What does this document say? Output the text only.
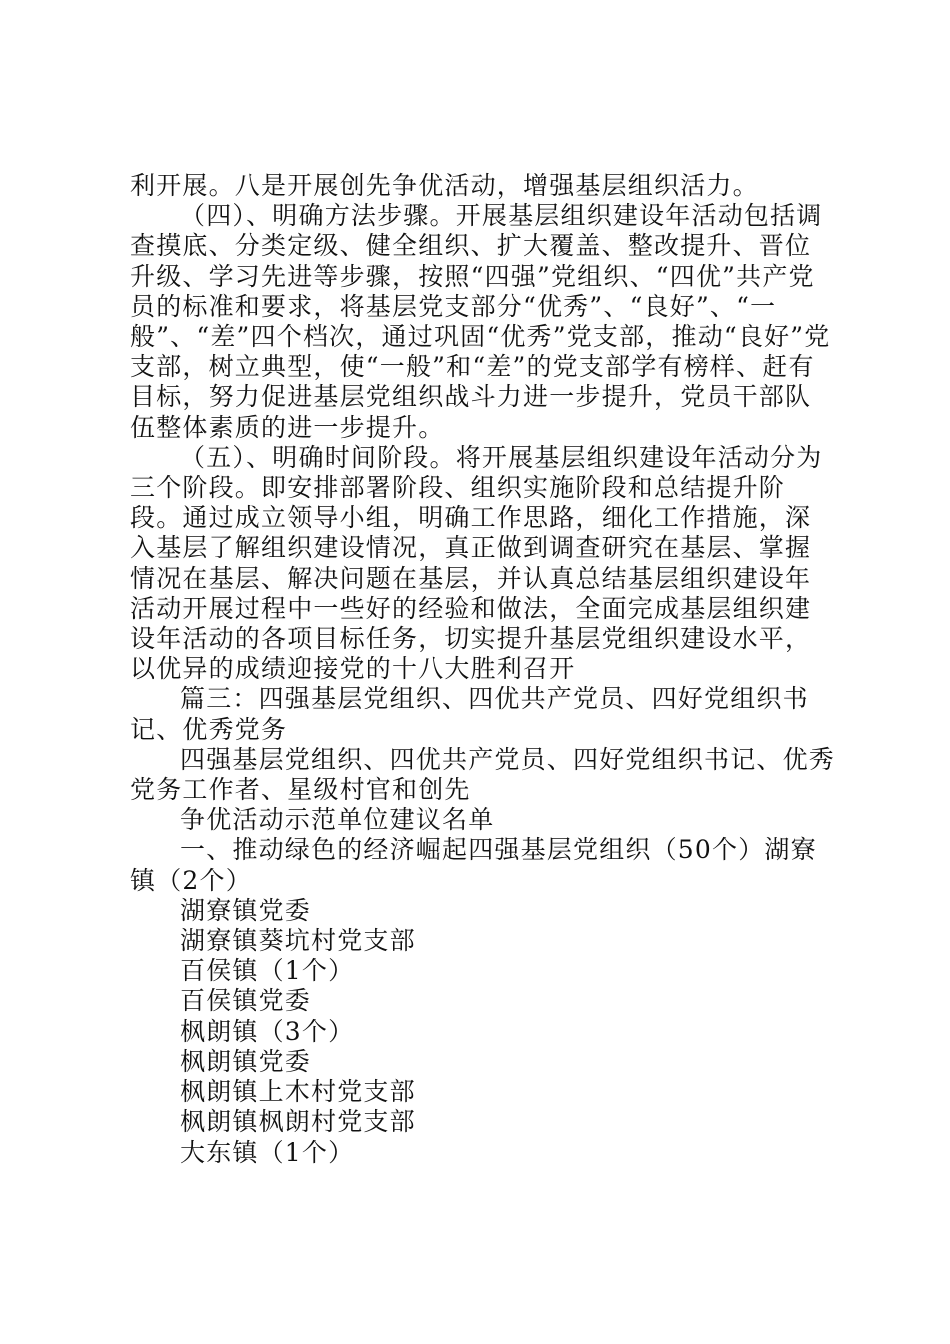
利开展。八是开展创先争优活动，增强基层组织活力。

（四）、明确方法步骤。开展基层组织建设年活动包括调查摸底、分类定级、健全组织、扩大覆盖、整改提升、晋位升级、学习先进等步骤，按照“四强”党组织、“四优”共产党员的标准和要求，将基层党支部分“优秀”、“良好”、“一般”、“差”四个档次，通过巩固“优秀”党支部，推动“良好”党支部，树立典型，使“一般”和“差”的党支部学有榜样、赶有目标，努力促进基层党组织战斗力进一步提升，党员干部队伍整体素质的进一步提升。

（五）、明确时间阶段。将开展基层组织建设年活动分为三个阶段。即安排部署阶段、组织实施阶段和总结提升阶段。通过成立领导小组，明确工作思路，细化工作措施，深入基层了解组织建设情况，真正做到调查研究在基层、掌握情况在基层、解决问题在基层，并认真总结基层组织建设年活动开展过程中一些好的经验和做法，全面完成基层组织建设年活动的各项目标任务，切实提升基层党组织建设水平，以优异的成绩迎接党的十八大胜利召开

篇三：四强基层党组织、四优共产党员、四好党组织书记、优秀党务

四强基层党组织、四优共产党员、四好党组织书记、优秀党务工作者、星级村官和创先

争优活动示范单位建议名单

一、推动绿色的经济崛起四强基层党组织（50个）湖寮镇（2个）

湖寮镇党委

湖寮镇葵坑村党支部

百侯镇（1个）

百侯镇党委

枫朗镇（3个）

枫朗镇党委

枫朗镇上木村党支部

枫朗镇枫朗村党支部

大东镇（1个）
